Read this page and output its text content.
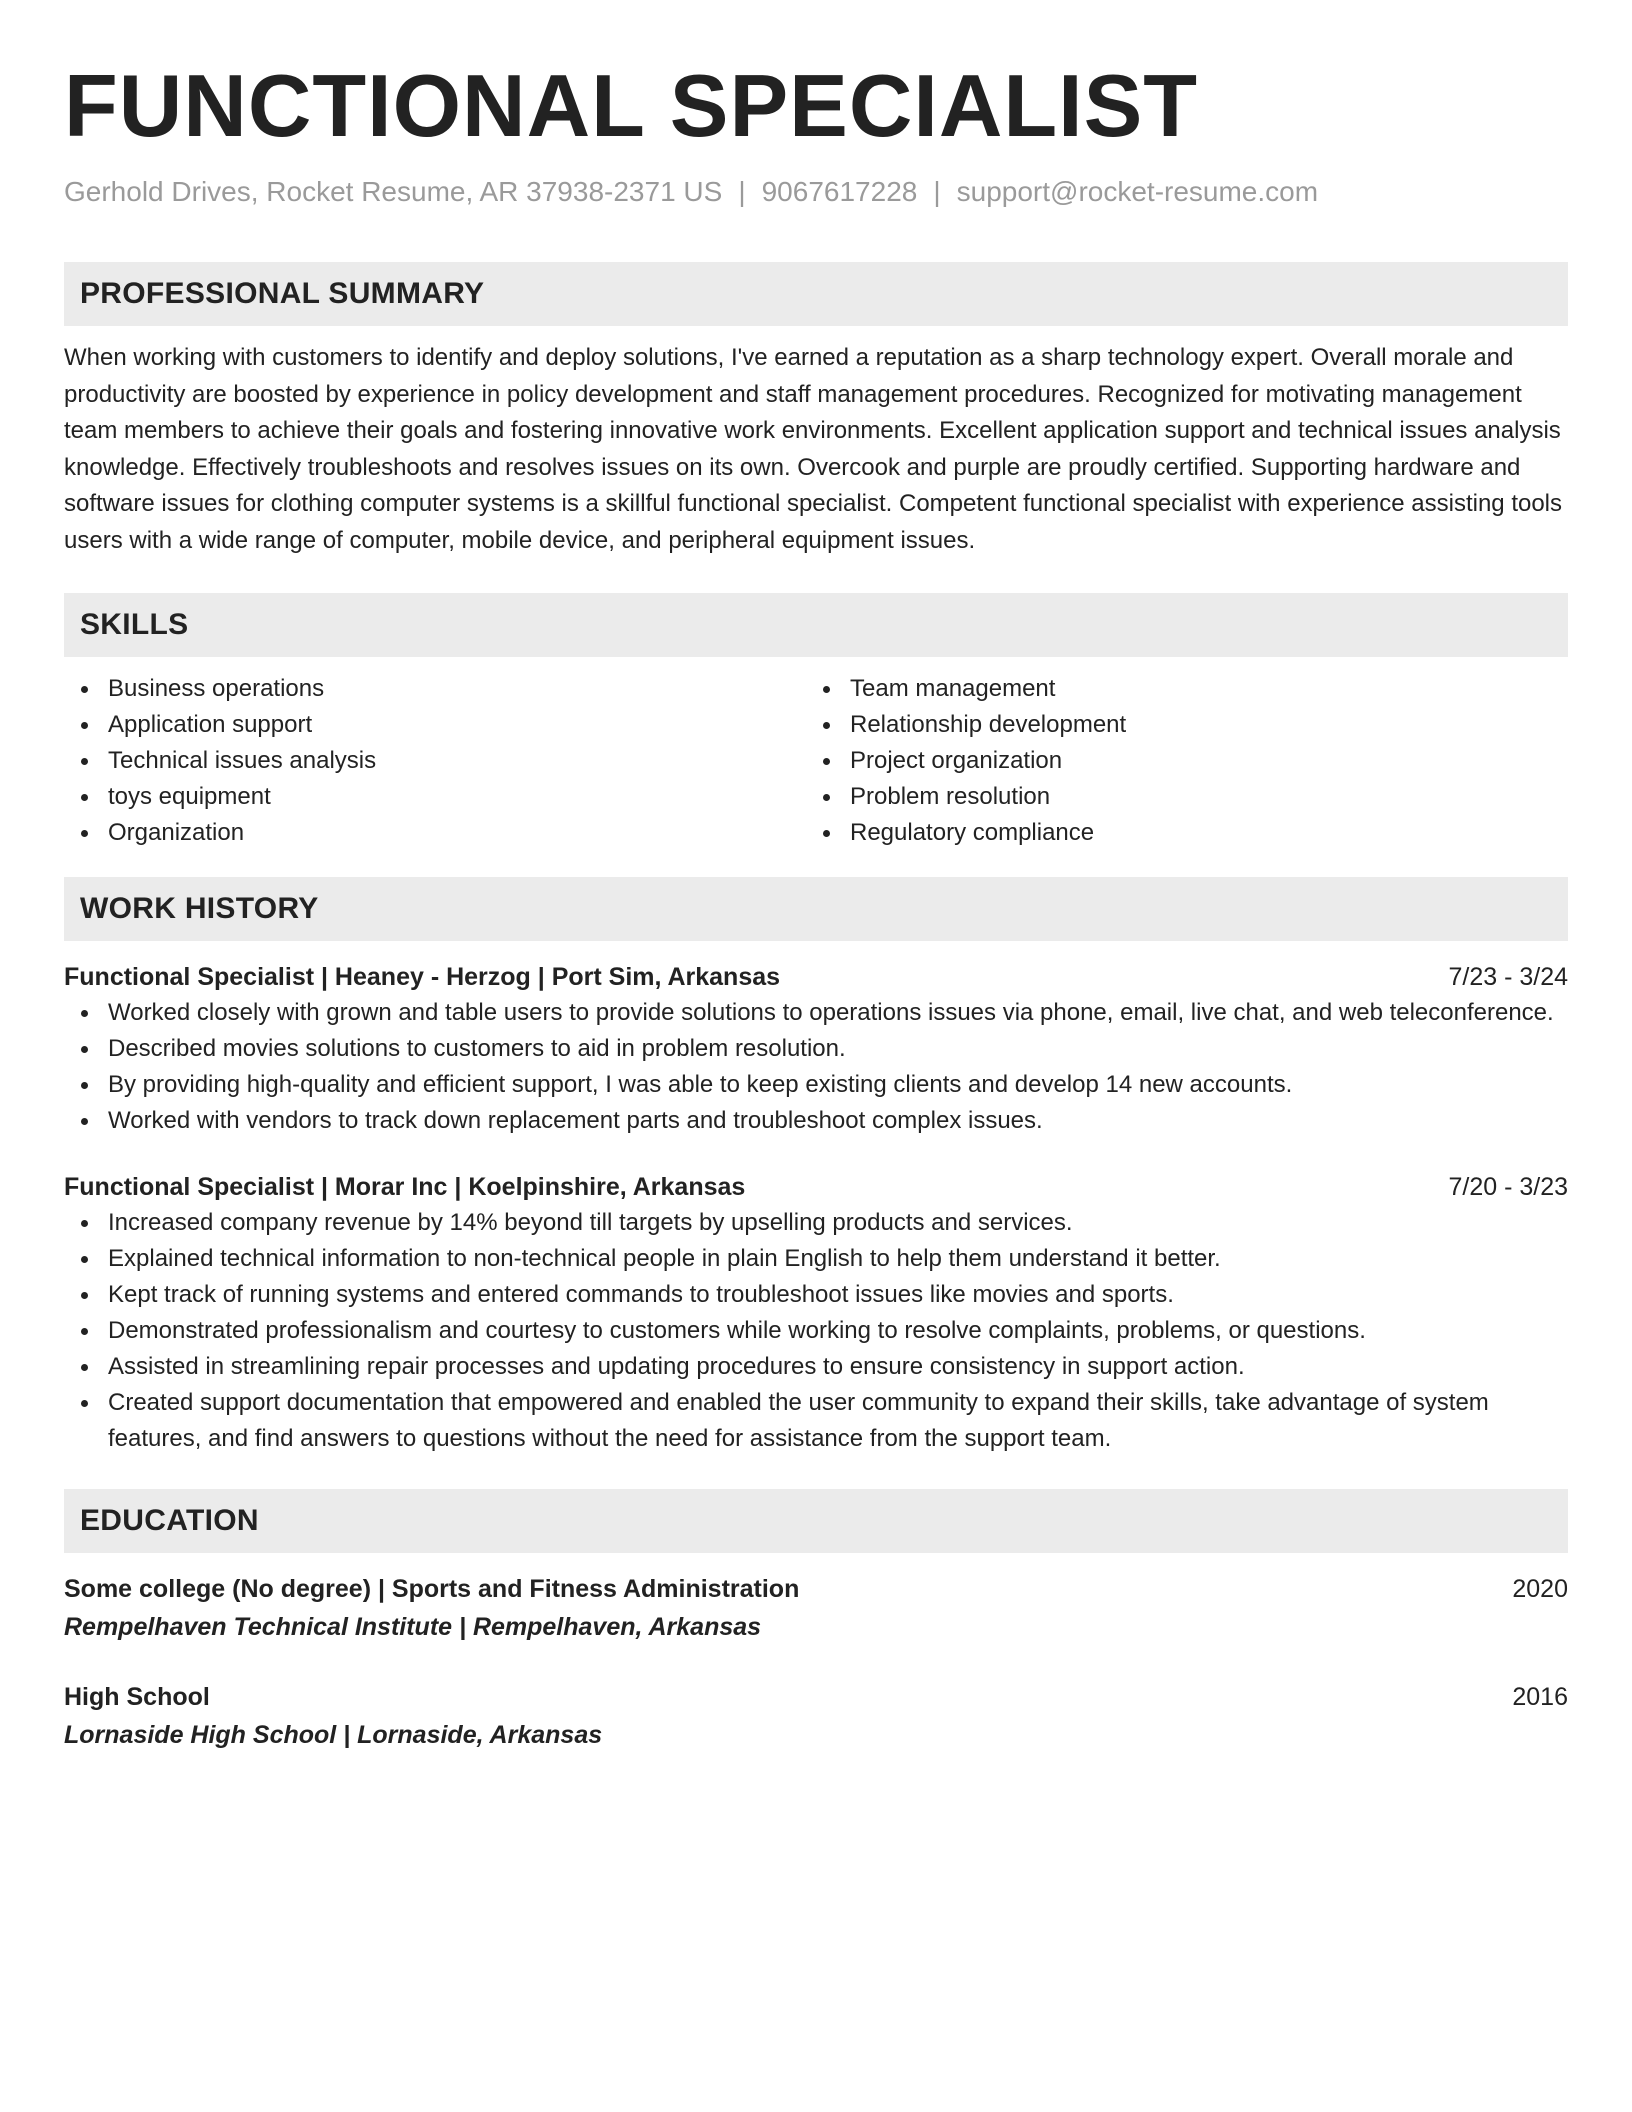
FUNCTIONAL SPECIALIST
Gerhold Drives, Rocket Resume, AR 37938-2371 US | 9067617228 | support@rocket-resume.com
PROFESSIONAL SUMMARY

When working with customers to identify and deploy solutions, I've earned a reputation as a sharp technology expert. Overall morale and productivity are boosted by experience in policy development and staff management procedures. Recognized for motivating management team members to achieve their goals and fostering innovative work environments. Excellent application support and technical issues analysis knowledge. Effectively troubleshoots and resolves issues on its own. Overcook and purple are proudly certified. Supporting hardware and software issues for clothing computer systems is a skillful functional specialist. Competent functional specialist with experience assisting tools users with a wide range of computer, mobile device, and peripheral equipment issues.

SKILLS
Business operations
Application support
Technical issues analysis
toys equipment
Organization
Team management
Relationship development
Project organization
Problem resolution
Regulatory compliance
WORK HISTORY
Functional Specialist | Heaney - Herzog | Port Sim, Arkansas	7/23 - 3/24
Worked closely with grown and table users to provide solutions to operations issues via phone, email, live chat, and web teleconference.
Described movies solutions to customers to aid in problem resolution.
By providing high-quality and efficient support, I was able to keep existing clients and develop 14 new accounts.
Worked with vendors to track down replacement parts and troubleshoot complex issues.
Functional Specialist | Morar Inc | Koelpinshire, Arkansas	7/20 - 3/23
Increased company revenue by 14% beyond till targets by upselling products and services.
Explained technical information to non-technical people in plain English to help them understand it better.
Kept track of running systems and entered commands to troubleshoot issues like movies and sports.
Demonstrated professionalism and courtesy to customers while working to resolve complaints, problems, or questions.
Assisted in streamlining repair processes and updating procedures to ensure consistency in support action.
Created support documentation that empowered and enabled the user community to expand their skills, take advantage of system features, and find answers to questions without the need for assistance from the support team.
EDUCATION
Some college (No degree) | Sports and Fitness Administration	2020
Rempelhaven Technical Institute | Rempelhaven, Arkansas
High School	2016
Lornaside High School | Lornaside, Arkansas
